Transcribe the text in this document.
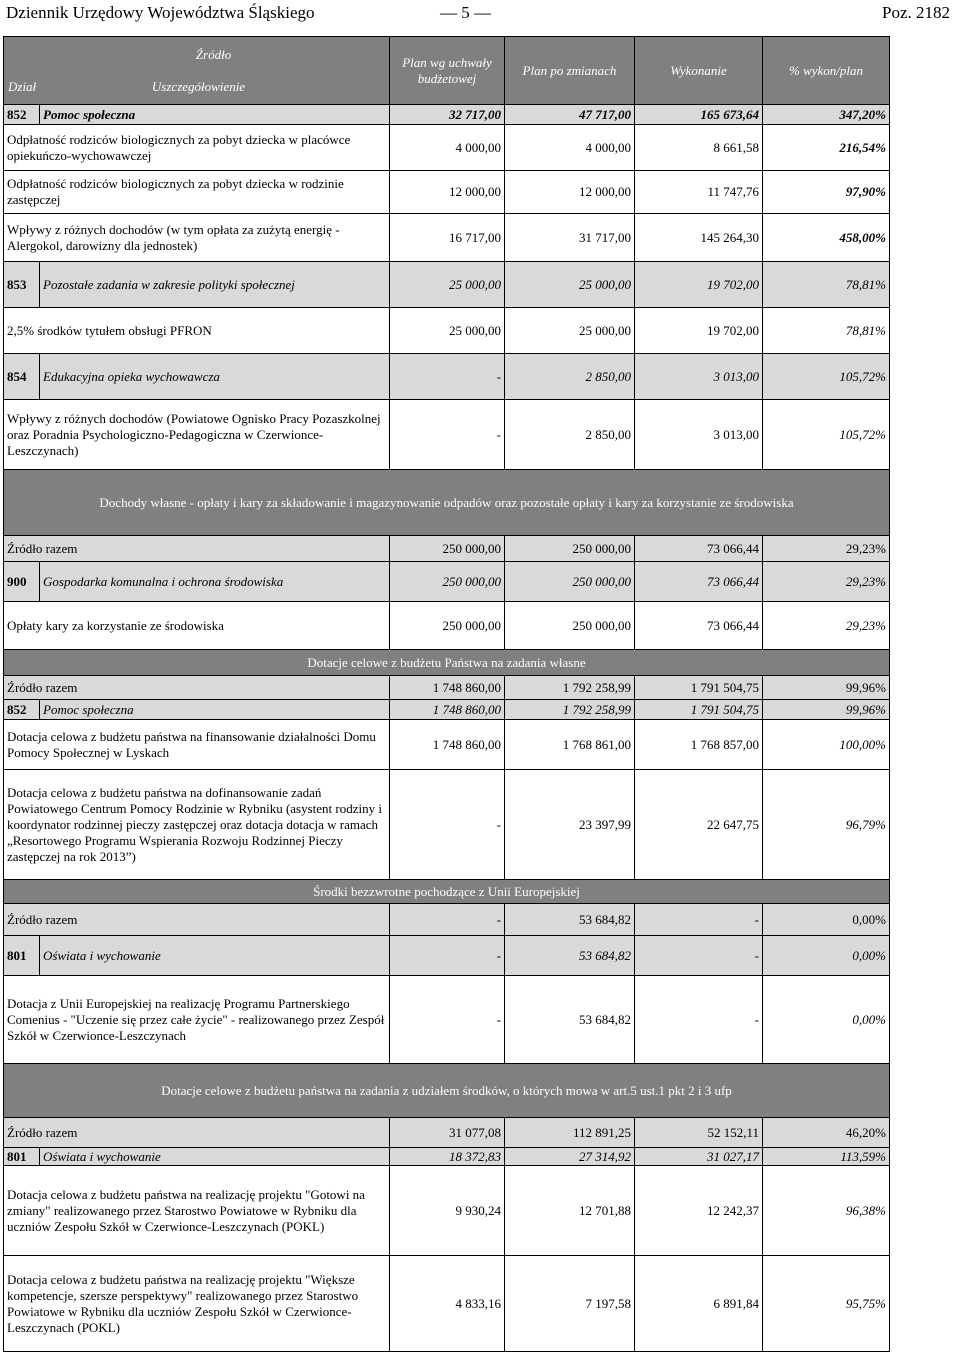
Dziennik Urzędowy Województwa Śląskiego	— 5 —	Poz. 2182
Źródło
Dział Uszczegółowienie		Plan wg uchwały budżetowej	Plan po zmianach	Wykonanie	% wykon/plan
852	Pomoc społeczna	32 717,00	47 717,00	165 673,64	347,20%
Odpłatność rodziców biologicznych za pobyt dziecka w placówce opiekuńczo-wychowawczej		4 000,00	4 000,00	8 661,58	216,54%
Odpłatność rodziców biologicznych za pobyt dziecka w rodzinie zastępczej		12 000,00	12 000,00	11 747,76	97,90%
Wpływy z różnych dochodów (w tym opłata za zużytą energię - Alergokol, darowizny dla jednostek)		16 717,00	31 717,00	145 264,30	458,00%
853	Pozostałe zadania w zakresie polityki społecznej	25 000,00	25 000,00	19 702,00	78,81%
2,5% środków tytułem obsługi PFRON		25 000,00	25 000,00	19 702,00	78,81%
854	Edukacyjna opieka wychowawcza	-	2 850,00	3 013,00	105,72%
Wpływy z różnych dochodów (Powiatowe Ognisko Pracy Pozaszkolnej oraz Poradnia Psychologiczno-Pedagogiczna w Czerwionce-Leszczynach)		-	2 850,00	3 013,00	105,72%
Dochody własne - opłaty i kary za składowanie i magazynowanie odpadów oraz pozostałe opłaty i kary za korzystanie ze środowiska					
Źródło razem		250 000,00	250 000,00	73 066,44	29,23%
900	Gospodarka komunalna i ochrona środowiska	250 000,00	250 000,00	73 066,44	29,23%
Opłaty kary za korzystanie ze środowiska		250 000,00	250 000,00	73 066,44	29,23%
Dotacje celowe z budżetu Państwa na zadania własne					
Źródło razem		1 748 860,00	1 792 258,99	1 791 504,75	99,96%
852	Pomoc społeczna	1 748 860,00	1 792 258,99	1 791 504,75	99,96%
Dotacja celowa z budżetu państwa na finansowanie działalności Domu Pomocy Społecznej w Lyskach		1 748 860,00	1 768 861,00	1 768 857,00	100,00%
Dotacja celowa z budżetu państwa na dofinansowanie zadań Powiatowego Centrum Pomocy Rodzinie w Rybniku (asystent rodziny i koordynator rodzinnej pieczy zastępczej oraz dotacja dotacja w ramach „Resortowego Programu Wspierania Rozwoju Rodzinnej Pieczy zastępczej na rok 2013”)		-	23 397,99	22 647,75	96,79%
Środki bezzwrotne pochodzące z Unii Europejskiej					
Źródło razem		-	53 684,82	-	0,00%
801	Oświata i wychowanie	-	53 684,82	-	0,00%
Dotacja z Unii Europejskiej na realizację Programu Partnerskiego Comenius - "Uczenie się przez całe życie" - realizowanego przez Zespół Szkół w Czerwionce-Leszczynach		-	53 684,82	-	0,00%
Dotacje celowe z budżetu państwa na zadania z udziałem środków, o których mowa w art.5 ust.1 pkt 2 i 3 ufp					
Źródło razem		31 077,08	112 891,25	52 152,11	46,20%
801	Oświata i wychowanie	18 372,83	27 314,92	31 027,17	113,59%
Dotacja celowa z budżetu państwa na realizację projektu "Gotowi na zmiany" realizowanego przez Starostwo Powiatowe w Rybniku dla uczniów Zespołu Szkół w Czerwionce-Leszczynach (POKL)		9 930,24	12 701,88	12 242,37	96,38%
Dotacja celowa z budżetu państwa na realizację projektu "Większe kompetencje, szersze perspektywy" realizowanego przez Starostwo Powiatowe w Rybniku dla uczniów Zespołu Szkół w Czerwionce-Leszczynach (POKL)		4 833,16	7 197,58	6 891,84	95,75%
